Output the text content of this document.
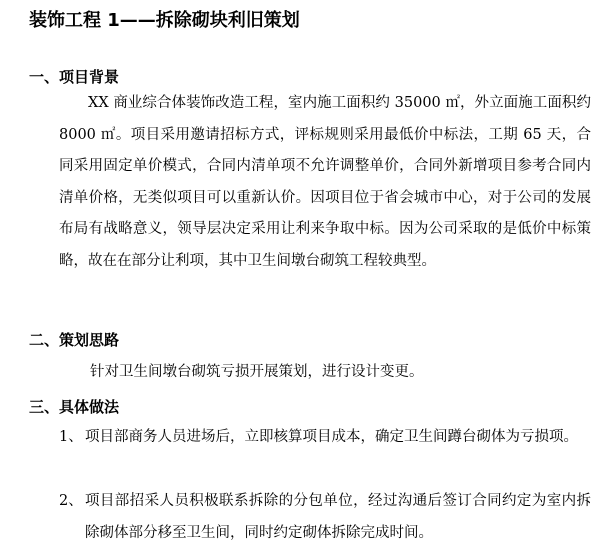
装饰工程 1——拆除砌块利旧策划
一、项目背景

XX 商业综合体装饰改造工程，室内施工面积约 35000 ㎡，外立面施工面积约 8000 ㎡。项目采用邀请招标方式，评标规则采用最低价中标法，工期 65 天，合同采用固定单价模式，合同内清单项不允许调整单价，合同外新增项目参考合同内清单价格，无类似项目可以重新认价。因项目位于省会城市中心，对于公司的发展布局有战略意义，领导层决定采用让利来争取中标。因为公司采取的是低价中标策略，故在在部分让利项，其中卫生间墩台砌筑工程较典型。

二、策划思路

针对卫生间墩台砌筑亏损开展策划，进行设计变更。

三、具体做法
1、 项目部商务人员进场后，立即核算项目成本，确定卫生间蹲台砌体为亏损项。
2、 项目部招采人员积极联系拆除的分包单位，经过沟通后签订合同约定为室内拆除砌体部分移至卫生间，同时约定砌体拆除完成时间。
